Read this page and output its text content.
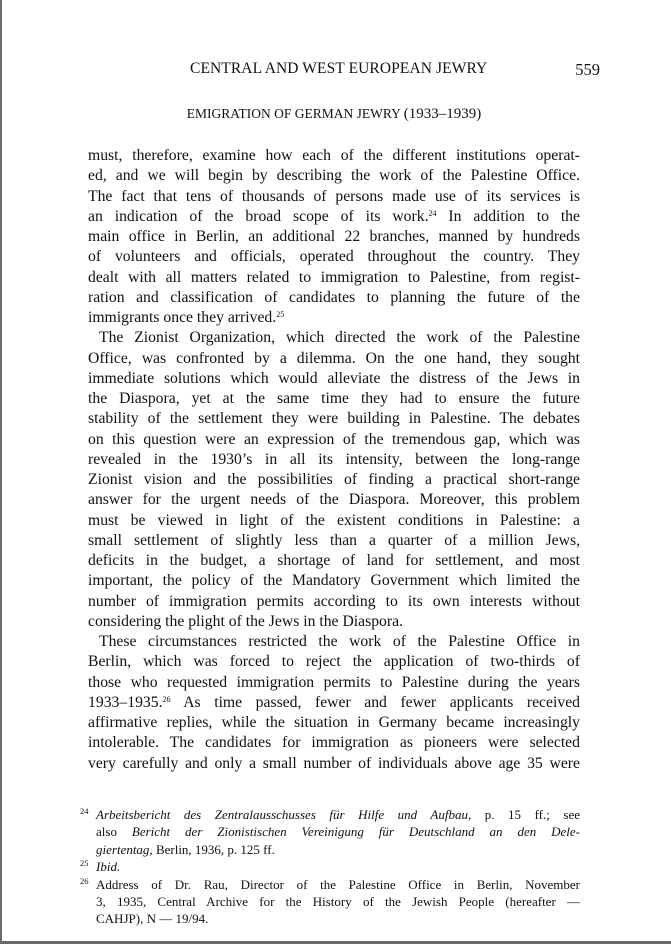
CENTRAL AND WEST EUROPEAN JEWRY	559
EMIGRATION OF GERMAN JEWRY (1933–1939)
must, therefore, examine how each of the different institutions operat-
ed, and we will begin by describing the work of the Palestine Office.
The fact that tens of thousands of persons made use of its services is
an indication of the broad scope of its work.$^{24}$ In addition to the
main office in Berlin, an additional 22 branches, manned by hundreds
of volunteers and officials, operated throughout the country. They
dealt with all matters related to immigration to Palestine, from regist-
ration and classification of candidates to planning the future of the
immigrants once they arrived.$^{25}$
The Zionist Organization, which directed the work of the Palestine
Office, was confronted by a dilemma. On the one hand, they sought
immediate solutions which would alleviate the distress of the Jews in
the Diaspora, yet at the same time they had to ensure the future
stability of the settlement they were building in Palestine. The debates
on this question were an expression of the tremendous gap, which was
revealed in the 1930’s in all its intensity, between the long-range
Zionist vision and the possibilities of finding a practical short-range
answer for the urgent needs of the Diaspora. Moreover, this problem
must be viewed in light of the existent conditions in Palestine: a
small settlement of slightly less than a quarter of a million Jews,
deficits in the budget, a shortage of land for settlement, and most
important, the policy of the Mandatory Government which limited the
number of immigration permits according to its own interests without
considering the plight of the Jews in the Diaspora.
These circumstances restricted the work of the Palestine Office in
Berlin, which was forced to reject the application of two-thirds of
those who requested immigration permits to Palestine during the years
1933–1935.26 As time passed, fewer and fewer applicants received
affirmative replies, while the situation in Germany became increasingly
intolerable. The candidates for immigration as pioneers were selected
very carefully and only a small number of individuals above age 35 were
24 Arbeitsbericht des Zentralausschusses für Hilfe und Aufbau, p. 15 ff.; see
also Bericht der Zionistischen Vereinigung für Deutschland an den Dele-
giertentag, Berlin, 1936, p. 125 ff.
25 Ibid.
26 Address of Dr. Rau, Director of the Palestine Office in Berlin, November
3, 1935, Central Archive for the History of the Jewish People (hereafter —
CAHJP), N — 19/94.
